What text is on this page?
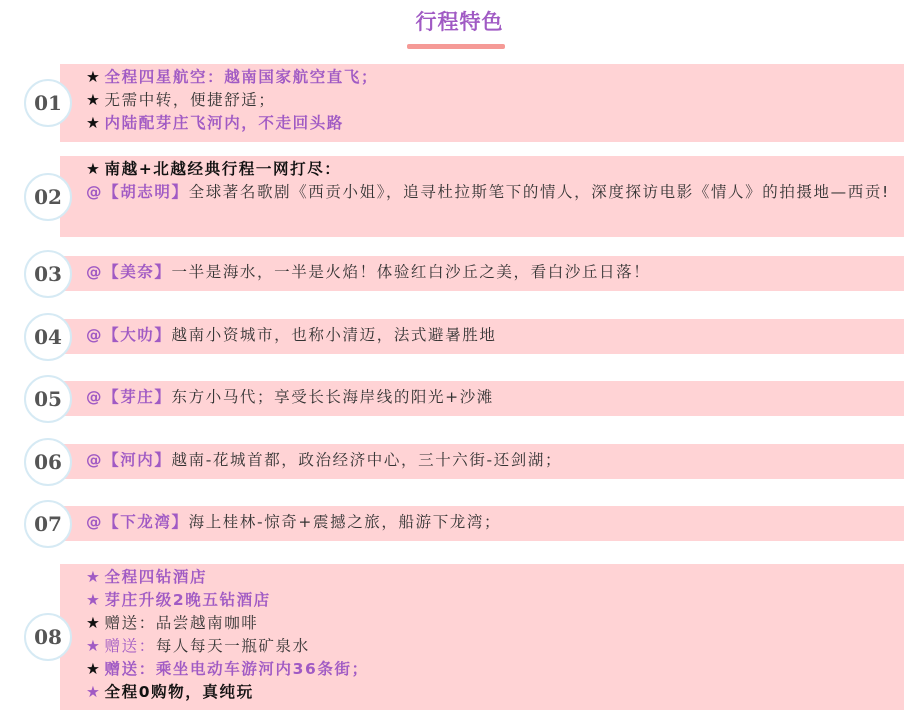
行程特色
★ 全程四星航空：越南国家航空直飞；
★ 无需中转，便捷舒适；
★ 内陆配芽庄飞河内，不走回头路
01
★ 南越+北越经典行程一网打尽：
@【胡志明】全球著名歌剧《西贡小姐》，追寻杜拉斯笔下的情人，深度探访电影《情人》的拍摄地—西贡!
02
@【美奈】一半是海水，一半是火焰！体验红白沙丘之美，看白沙丘日落！
03
@【大叻】越南小资城市，也称小清迈，法式避暑胜地
04
@【芽庄】东方小马代；享受长长海岸线的阳光+沙滩
05
@【河内】越南-花城首都，政治经济中心，三十六街-还剑湖；
06
@【下龙湾】海上桂林-惊奇+震撼之旅，船游下龙湾；
07
★ 全程四钻酒店
★ 芽庄升级2晚五钻酒店
★ 赠送：品尝越南咖啡
★ 赠送：每人每天一瓶矿泉水
★ 赠送：乘坐电动车游河内36条街；
★ 全程0购物，真纯玩
08
